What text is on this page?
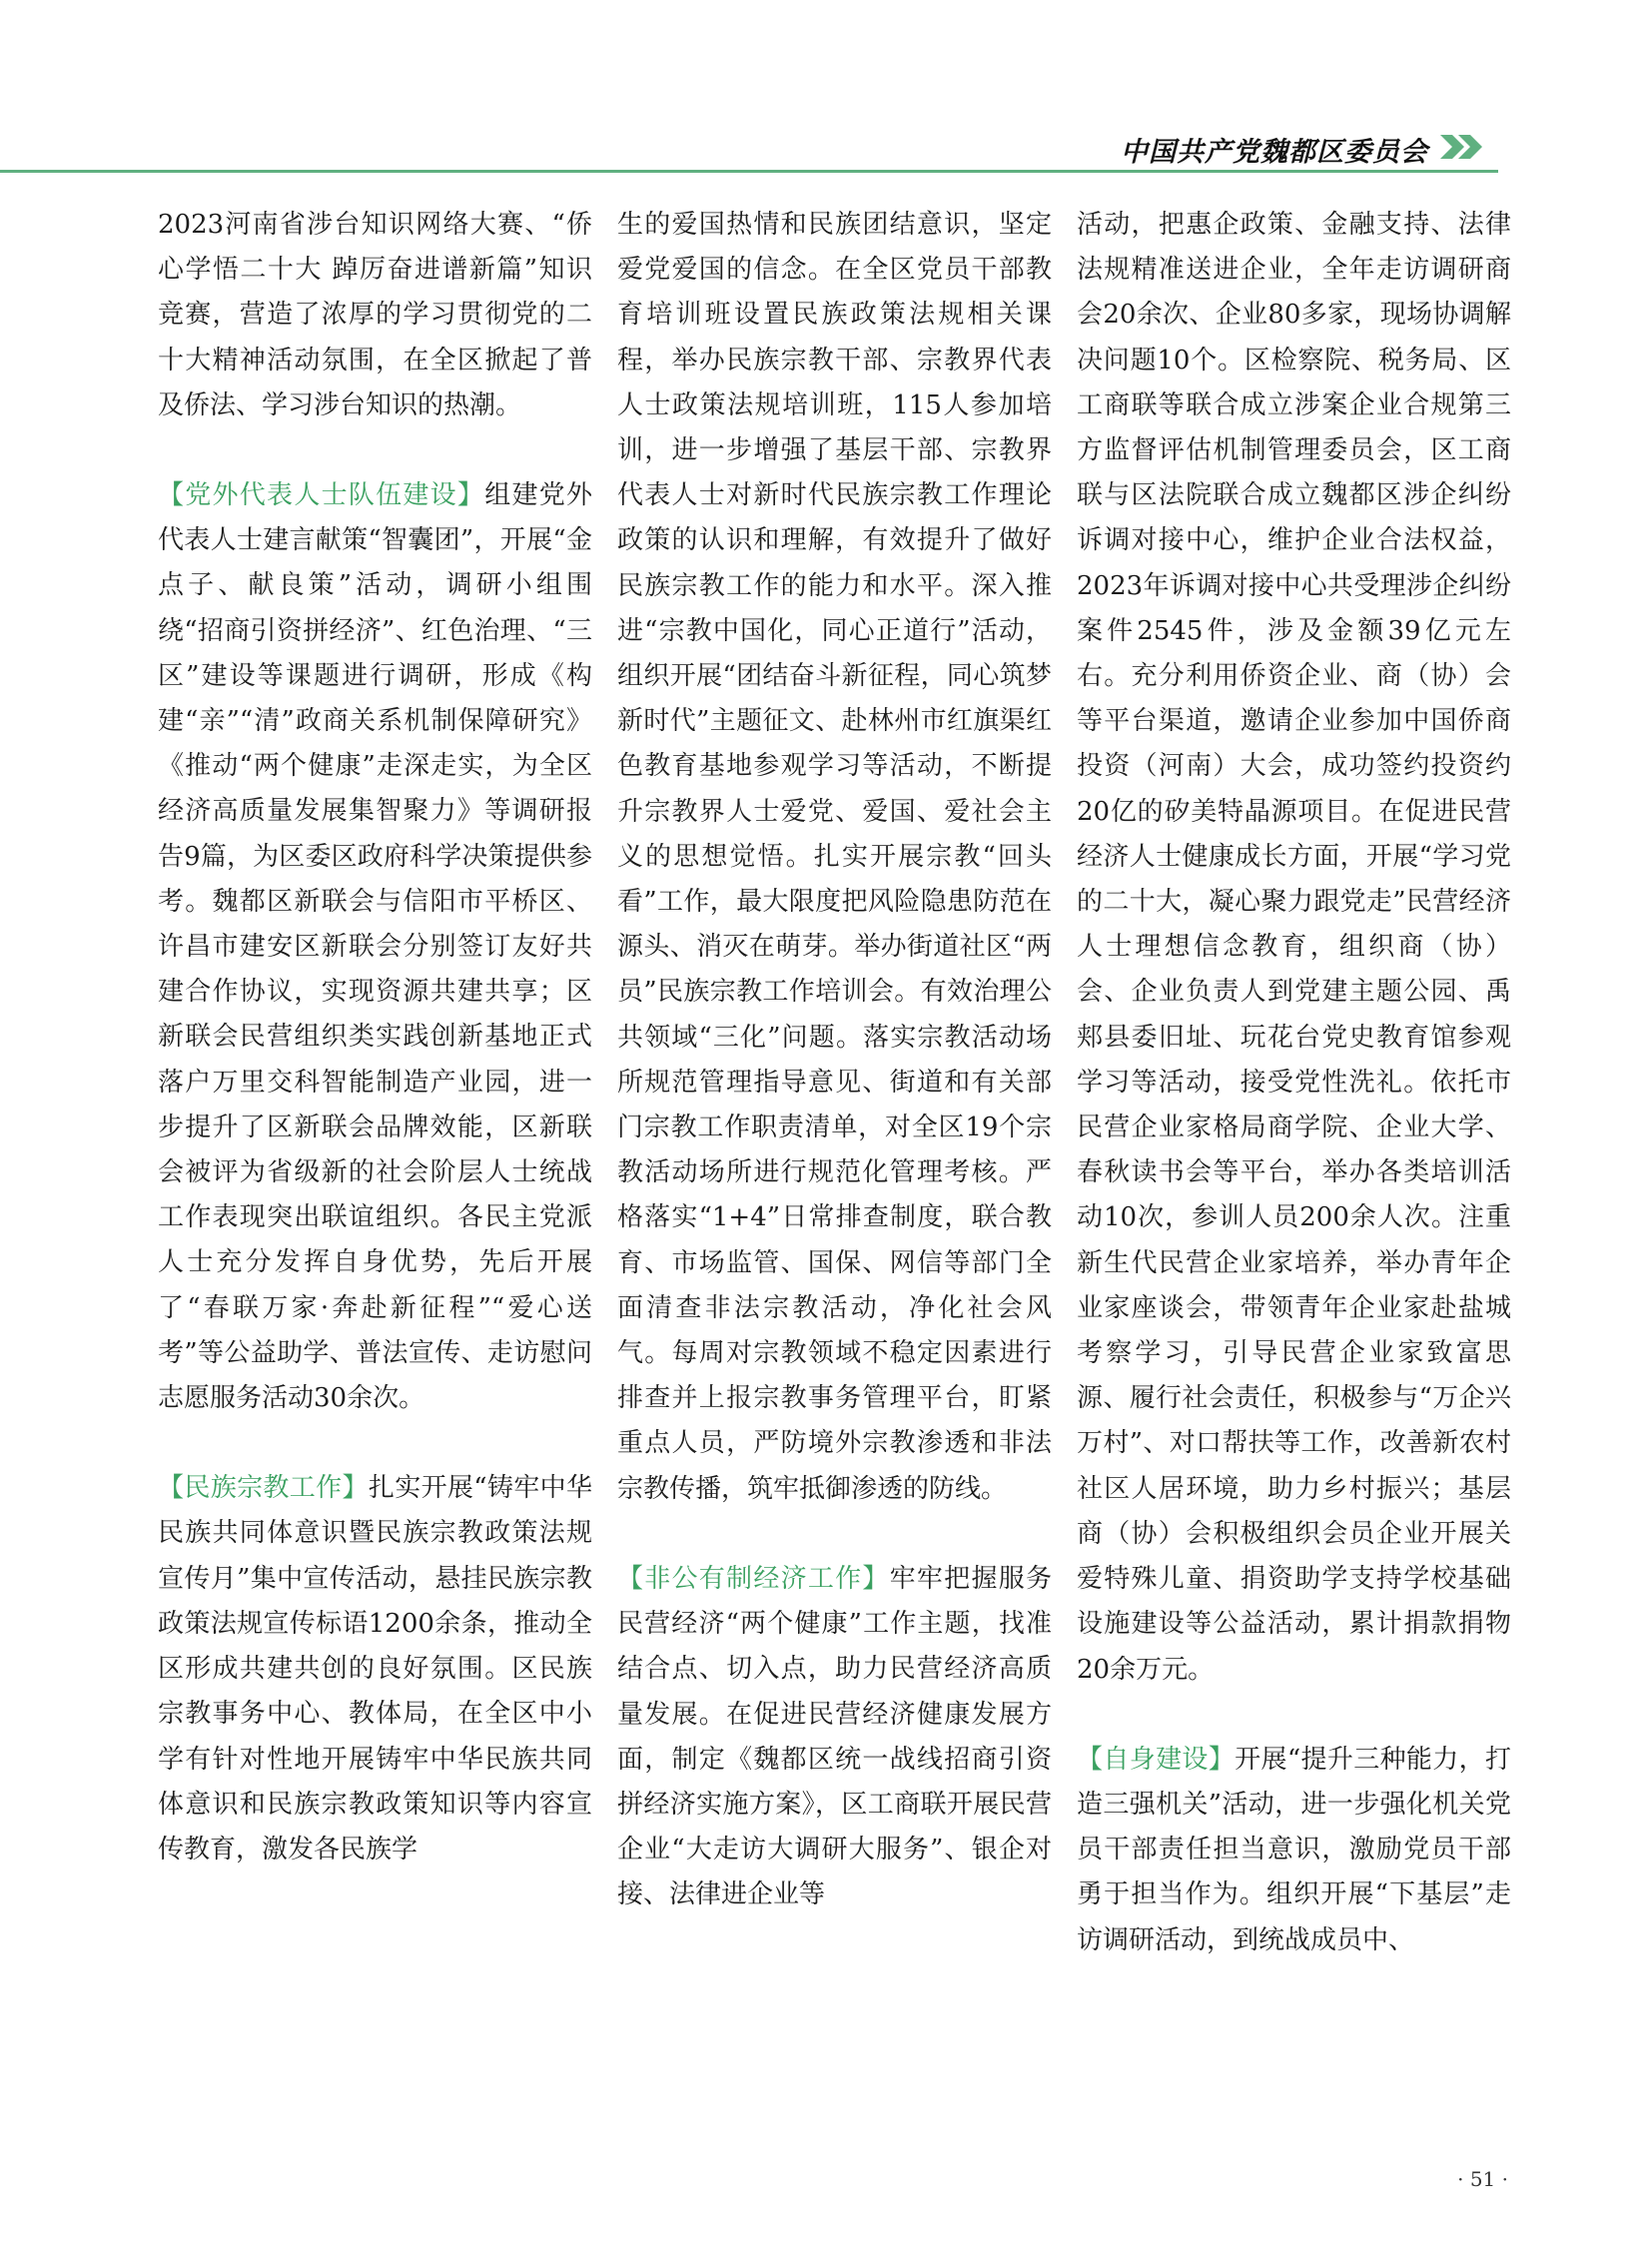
中国共产党魏都区委员会

2023河南省涉台知识网络大赛、“侨心学悟二十大 踔厉奋进谱新篇”知识竞赛，营造了浓厚的学习贯彻党的二十大精神活动氛围，在全区掀起了普及侨法、学习涉台知识的热潮。

【党外代表人士队伍建设】组建党外代表人士建言献策“智囊团”，开展“金点子、献良策”活动，调研小组围绕“招商引资拼经济”、红色治理、“三区”建设等课题进行调研，形成《构建“亲”“清”政商关系机制保障研究》《推动“两个健康”走深走实，为全区经济高质量发展集智聚力》等调研报告9篇，为区委区政府科学决策提供参考。魏都区新联会与信阳市平桥区、许昌市建安区新联会分别签订友好共建合作协议，实现资源共建共享；区新联会民营组织类实践创新基地正式落户万里交科智能制造产业园，进一步提升了区新联会品牌效能，区新联会被评为省级新的社会阶层人士统战工作表现突出联谊组织。各民主党派人士充分发挥自身优势，先后开展了“春联万家·奔赴新征程”“爱心送考”等公益助学、普法宣传、走访慰问志愿服务活动30余次。

【民族宗教工作】扎实开展“铸牢中华民族共同体意识暨民族宗教政策法规宣传月”集中宣传活动，悬挂民族宗教政策法规宣传标语1200余条，推动全区形成共建共创的良好氛围。区民族宗教事务中心、教体局，在全区中小学有针对性地开展铸牢中华民族共同体意识和民族宗教政策知识等内容宣传教育，激发各民族学

生的爱国热情和民族团结意识，坚定爱党爱国的信念。在全区党员干部教育培训班设置民族政策法规相关课程，举办民族宗教干部、宗教界代表人士政策法规培训班，115人参加培训，进一步增强了基层干部、宗教界代表人士对新时代民族宗教工作理论政策的认识和理解，有效提升了做好民族宗教工作的能力和水平。深入推进“宗教中国化，同心正道行”活动，组织开展“团结奋斗新征程，同心筑梦新时代”主题征文、赴林州市红旗渠红色教育基地参观学习等活动，不断提升宗教界人士爱党、爱国、爱社会主义的思想觉悟。扎实开展宗教“回头看”工作，最大限度把风险隐患防范在源头、消灭在萌芽。举办街道社区“两员”民族宗教工作培训会。有效治理公共领域“三化”问题。落实宗教活动场所规范管理指导意见、街道和有关部门宗教工作职责清单，对全区19个宗教活动场所进行规范化管理考核。严格落实“1+4”日常排查制度，联合教育、市场监管、国保、网信等部门全面清查非法宗教活动，净化社会风气。每周对宗教领域不稳定因素进行排查并上报宗教事务管理平台，盯紧重点人员，严防境外宗教渗透和非法宗教传播，筑牢抵御渗透的防线。

【非公有制经济工作】牢牢把握服务民营经济“两个健康”工作主题，找准结合点、切入点，助力民营经济高质量发展。在促进民营经济健康发展方面，制定《魏都区统一战线招商引资拼经济实施方案》，区工商联开展民营企业“大走访大调研大服务”、银企对接、法律进企业等

活动，把惠企政策、金融支持、法律法规精准送进企业，全年走访调研商会20余次、企业80多家，现场协调解决问题10个。区检察院、税务局、区工商联等联合成立涉案企业合规第三方监督评估机制管理委员会，区工商联与区法院联合成立魏都区涉企纠纷诉调对接中心，维护企业合法权益，2023年诉调对接中心共受理涉企纠纷案件2545件，涉及金额39亿元左右。充分利用侨资企业、商（协）会等平台渠道，邀请企业参加中国侨商投资（河南）大会，成功签约投资约20亿的矽美特晶源项目。在促进民营经济人士健康成长方面，开展“学习党的二十大，凝心聚力跟党走”民营经济人士理想信念教育，组织商（协）会、企业负责人到党建主题公园、禹郏县委旧址、玩花台党史教育馆参观学习等活动，接受党性洗礼。依托市民营企业家格局商学院、企业大学、春秋读书会等平台，举办各类培训活动10次，参训人员200余人次。注重新生代民营企业家培养，举办青年企业家座谈会，带领青年企业家赴盐城考察学习，引导民营企业家致富思源、履行社会责任，积极参与“万企兴万村”、对口帮扶等工作，改善新农村社区人居环境，助力乡村振兴；基层商（协）会积极组织会员企业开展关爱特殊儿童、捐资助学支持学校基础设施建设等公益活动，累计捐款捐物20余万元。

【自身建设】开展“提升三种能力，打造三强机关”活动，进一步强化机关党员干部责任担当意识，激励党员干部勇于担当作为。组织开展“下基层”走访调研活动，到统战成员中、

· 51 ·
